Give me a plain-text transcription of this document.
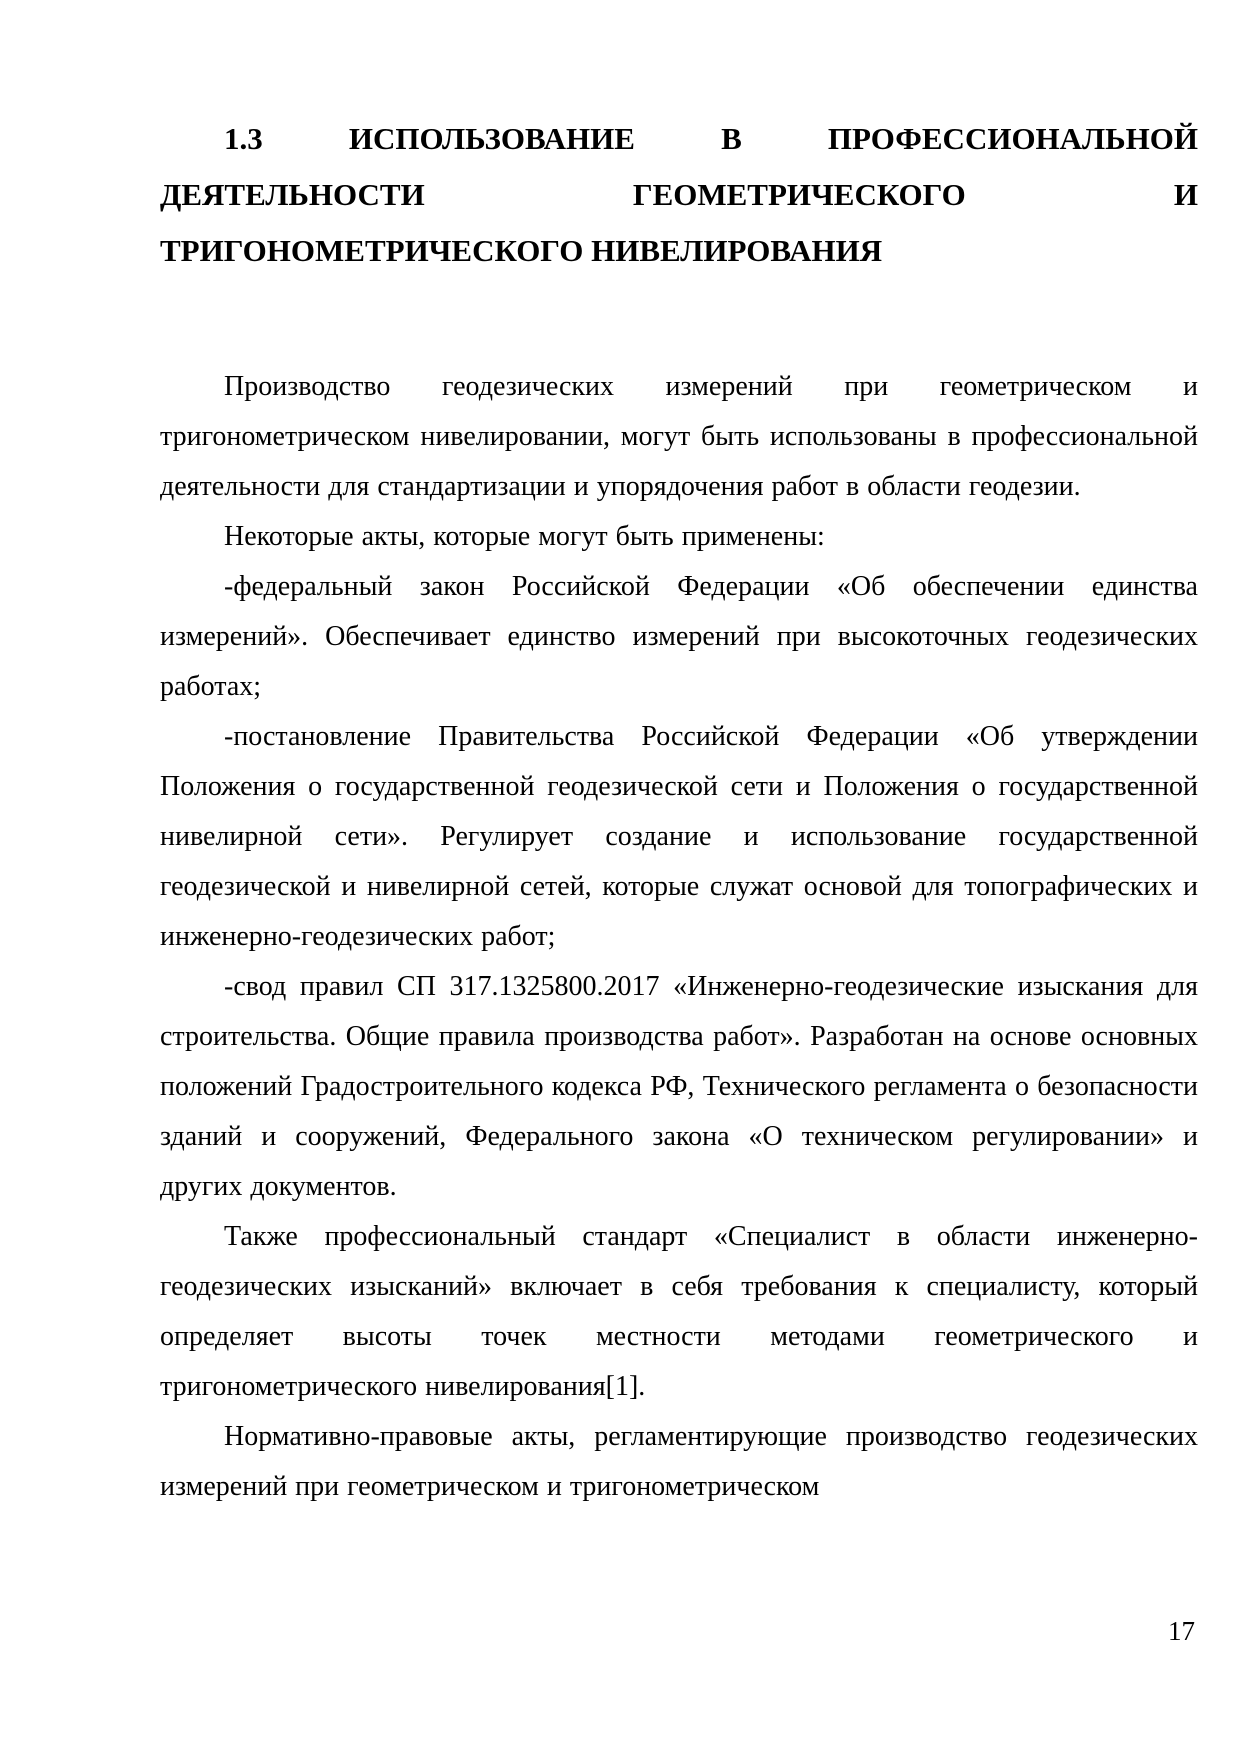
1.3 ИСПОЛЬЗОВАНИЕ В ПРОФЕССИОНАЛЬНОЙ
ДЕЯТЕЛЬНОСТИ ГЕОМЕТРИЧЕСКОГО И
ТРИГОНОМЕТРИЧЕСКОГО НИВЕЛИРОВАНИЯ

Производство геодезических измерений при геометрическом и тригонометрическом нивелировании, могут быть использованы в профессиональной деятельности для стандартизации и упорядочения работ в области геодезии.

Некоторые акты, которые могут быть применены:

-федеральный закон Российской Федерации «Об обеспечении единства измерений». Обеспечивает единство измерений при высокоточных геодезических работах;

-постановление Правительства Российской Федерации «Об утверждении Положения о государственной геодезической сети и Положения о государственной нивелирной сети». Регулирует создание и использование государственной геодезической и нивелирной сетей, которые служат основой для топографических и инженерно-геодезических работ;

-свод правил СП 317.1325800.2017 «Инженерно-геодезические изыскания для строительства. Общие правила производства работ». Разработан на основе основных положений Градостроительного кодекса РФ, Технического регламента о безопасности зданий и сооружений, Федерального закона «О техническом регулировании» и других документов.

Также профессиональный стандарт «Специалист в области инженерно-геодезических изысканий» включает в себя требования к специалисту, который определяет высоты точек местности методами геометрического и тригонометрического нивелирования[1].

Нормативно-правовые акты, регламентирующие производство геодезических измерений при геометрическом и тригонометрическом

17
